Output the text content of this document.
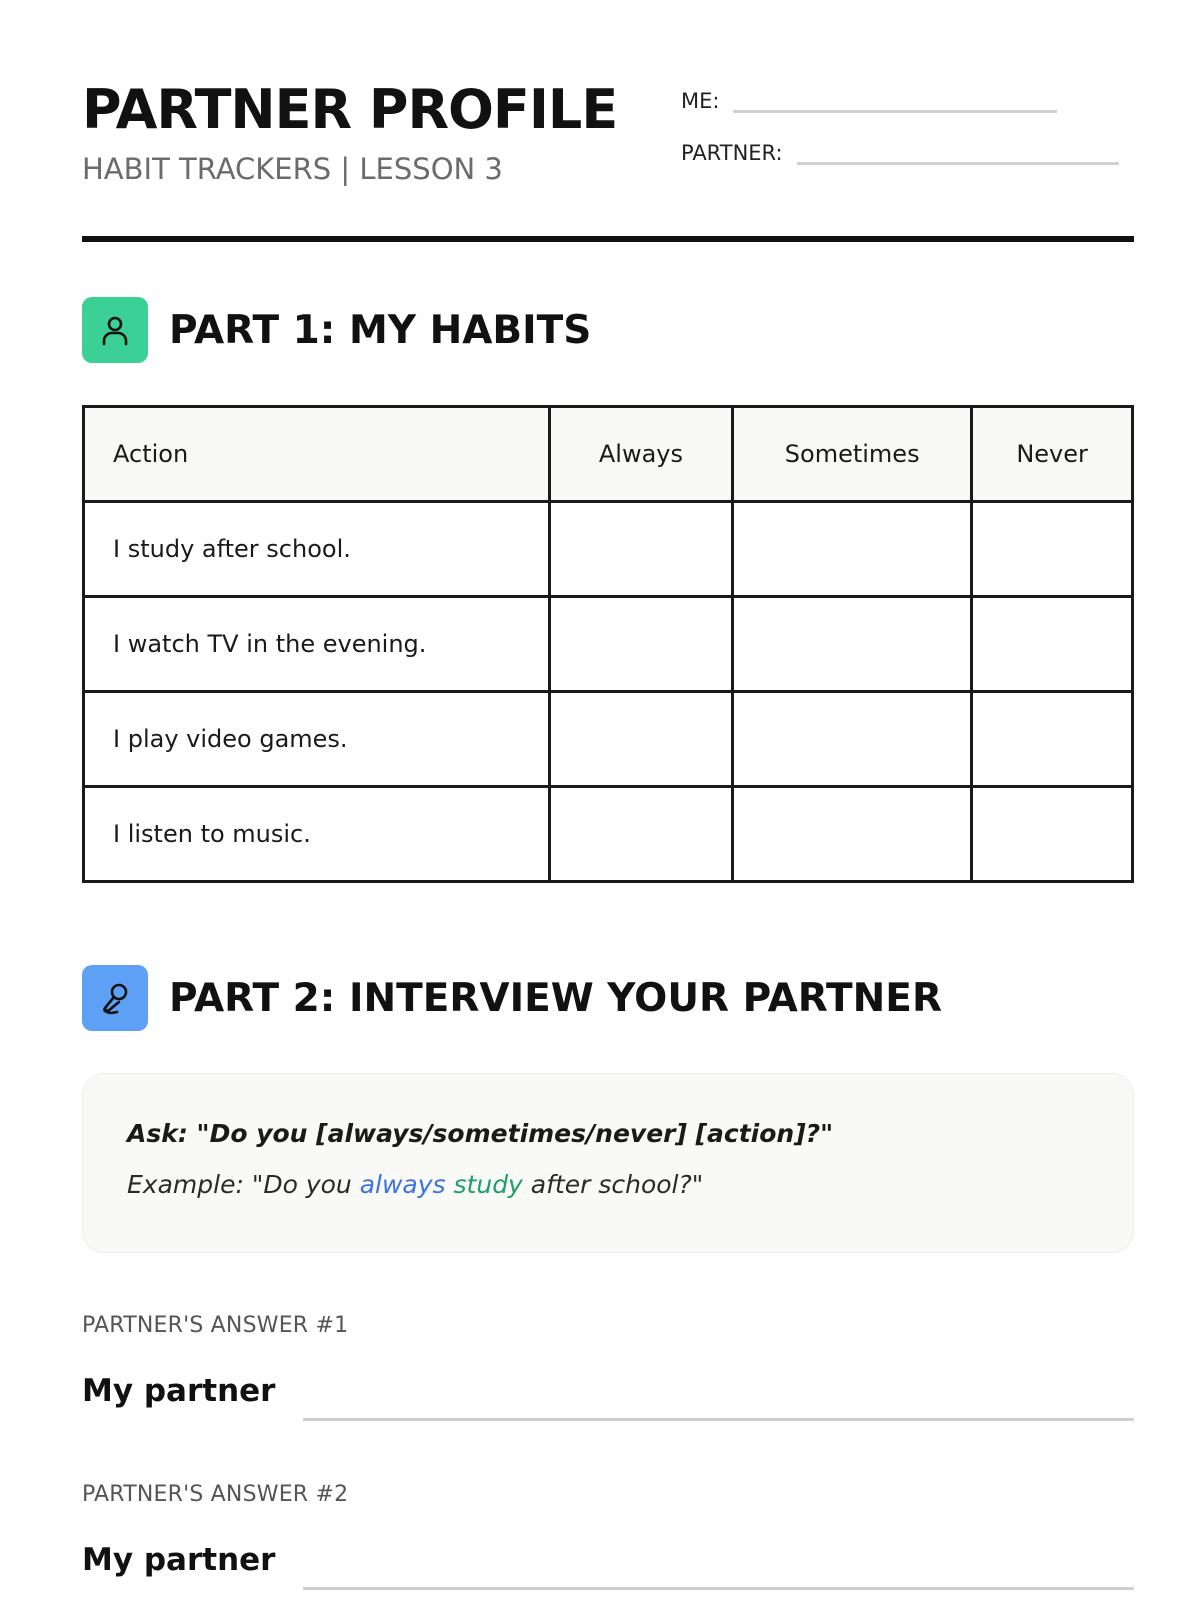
PARTNER PROFILE
HABIT TRACKERS | LESSON 3
ME:
PARTNER:
PART 1: MY HABITS
Action	Always	Sometimes	Never
I study after school.			
I watch TV in the evening.			
I play video games.			
I listen to music.			
PART 2: INTERVIEW YOUR PARTNER

Ask: "Do you [always/sometimes/never] [action]?"

Example: "Do you always study after school?"

PARTNER'S ANSWER #1

My partner

PARTNER'S ANSWER #2

My partner
